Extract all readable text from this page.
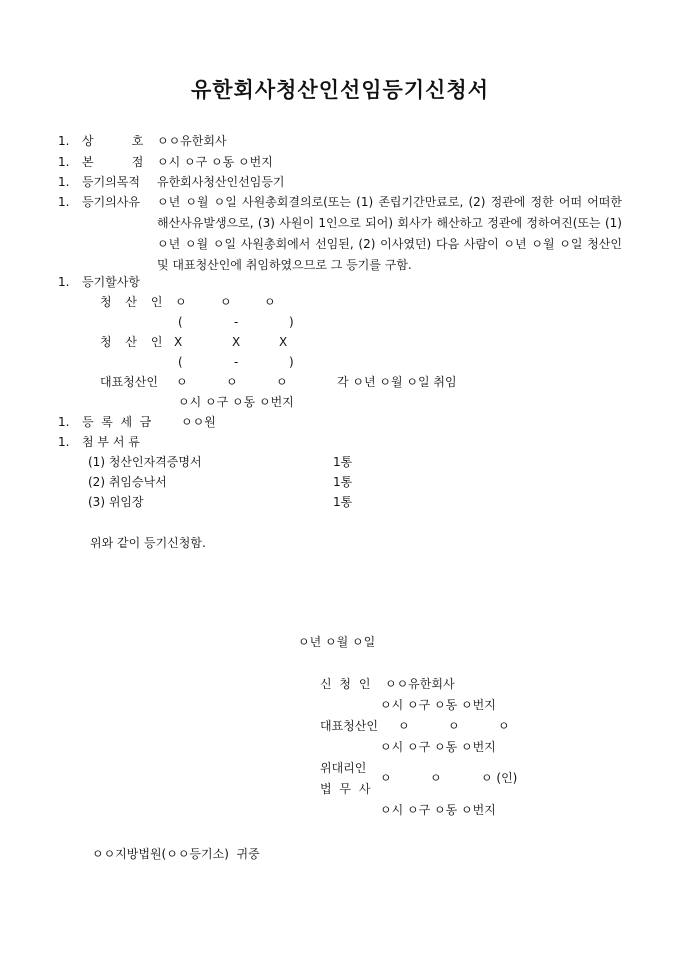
유한회사청산인선임등기신청서
1. 상          호 ㅇㅇ유한회사
1. 본          점 ㅇ시 ㅇ구 ㅇ동 ㅇ번지
1. 등기의목적 유한회사청산인선임등기
1. 등기의사유 ㅇ년 ㅇ월 ㅇ일 사원총회결의로(또는 (1) 존립기간만료로, (2) 정관에 정한 어떠 어떠한 해산사유발생으로, (3) 사원이 1인으로 되어) 회사가 해산하고 정관에 정하여진(또는 (1) ㅇ년 ㅇ월 ㅇ일 사원총회에서 선임된, (2) 이사였던) 다음 사람이 ㅇ년 ㅇ월 ㅇ일 청산인 및 대표청산인에 취임하였으므로 그 등기를 구함.
1. 등기할사항
청 산 인 ㅇ	ㅇ	ㅇ
(	-	)
청 산 인 X	X	X
(	-	)
대표청산인 ㅇ	ㅇ	ㅇ	각 ㅇ년 ㅇ월 ㅇ일 취임
ㅇ시 ㅇ구 ㅇ동 ㅇ번지
1. 등  록  세  금 ㅇㅇ원
1. 첨 부 서 류
(1) 청산인자격증명서	1통
(2) 취임승낙서	1통
(3) 위임장	1통
위와 같이 등기신청함.
ㅇ년 ㅇ월 ㅇ일
신 청 인 ㅇㅇ유한회사
ㅇ시 ㅇ구 ㅇ동 ㅇ번지
대표청산인 ㅇ	ㅇ	ㅇ
ㅇ시 ㅇ구 ㅇ동 ㅇ번지
위대리인
ㅇ	ㅇ	ㅇ (인)
법 무 사
ㅇ시 ㅇ구 ㅇ동 ㅇ번지
ㅇㅇ지방법원(ㅇㅇ등기소)  귀중
